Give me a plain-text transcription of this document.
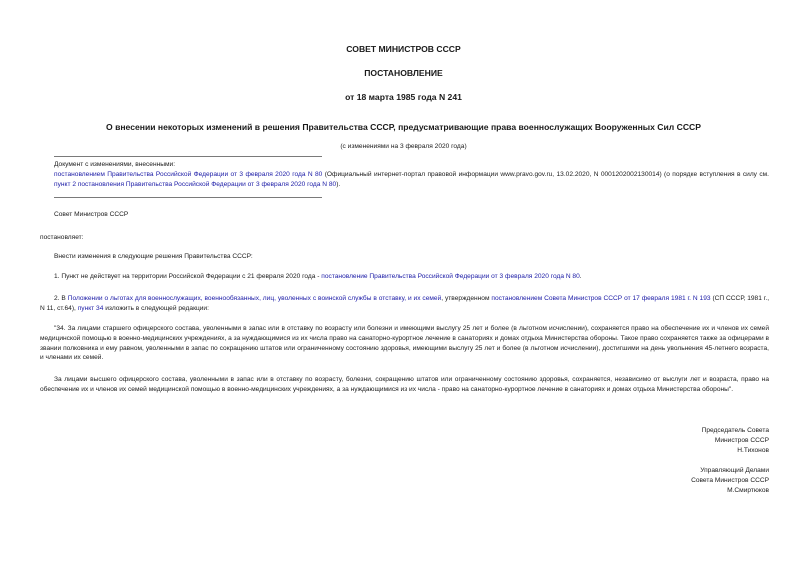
СОВЕТ МИНИСТРОВ СССР
ПОСТАНОВЛЕНИЕ
от 18 марта 1985 года N 241
О внесении некоторых изменений в решения Правительства СССР, предусматривающие права военнослужащих Вооруженных Сил СССР
(с изменениями на 3 февраля 2020 года)
Документ с изменениями, внесенными:
постановлением Правительства Российской Федерации от 3 февраля 2020 года N 80 (Официальный интернет-портал правовой информации www.pravo.gov.ru, 13.02.2020, N 0001202002130014) (о порядке вступления в силу см. пункт 2 постановления Правительства Российской Федерации от 3 февраля 2020 года N 80).
Совет Министров СССР
постановляет:
Внести изменения в следующие решения Правительства СССР:
1. Пункт не действует на территории Российской Федерации с 21 февраля 2020 года - постановление Правительства Российской Федерации от 3 февраля 2020 года N 80.
2. В Положении о льготах для военнослужащих, военнообязанных, лиц, уволенных с воинской службы в отставку, и их семей, утвержденном постановлением Совета Министров СССР от 17 февраля 1981 г. N 193 (СП СССР, 1981 г., N 11, ст.64), пункт 34 изложить в следующей редакции:
"34. За лицами старшего офицерского состава, уволенными в запас или в отставку по возрасту или болезни и имеющими выслугу 25 лет и более (в льготном исчислении), сохраняется право на обеспечение их и членов их семей медицинской помощью в военно-медицинских учреждениях, а за нуждающимися из их числа право на санаторно-курортное лечение в санаториях и домах отдыха Министерства обороны. Такое право сохраняется также за офицерами в звании полковника и ему равном, уволенными в запас по сокращению штатов или ограниченному состоянию здоровья, имеющими выслугу 25 лет и более (в льготном исчислении), достигшими на день увольнения 45-летнего возраста, и членами их семей.
За лицами высшего офицерского состава, уволенными в запас или в отставку по возрасту, болезни, сокращению штатов или ограниченному состоянию здоровья, сохраняется, независимо от выслуги лет и возраста, право на обеспечение их и членов их семей медицинской помощью в военно-медицинских учреждениях, а за нуждающимися из их числа - право на санаторно-курортное лечение в санаториях и домах отдыха Министерства обороны".
Председатель Совета
Министров СССР
Н.Тихонов
Управляющий Делами
Совета Министров СССР
М.Смиртюков
